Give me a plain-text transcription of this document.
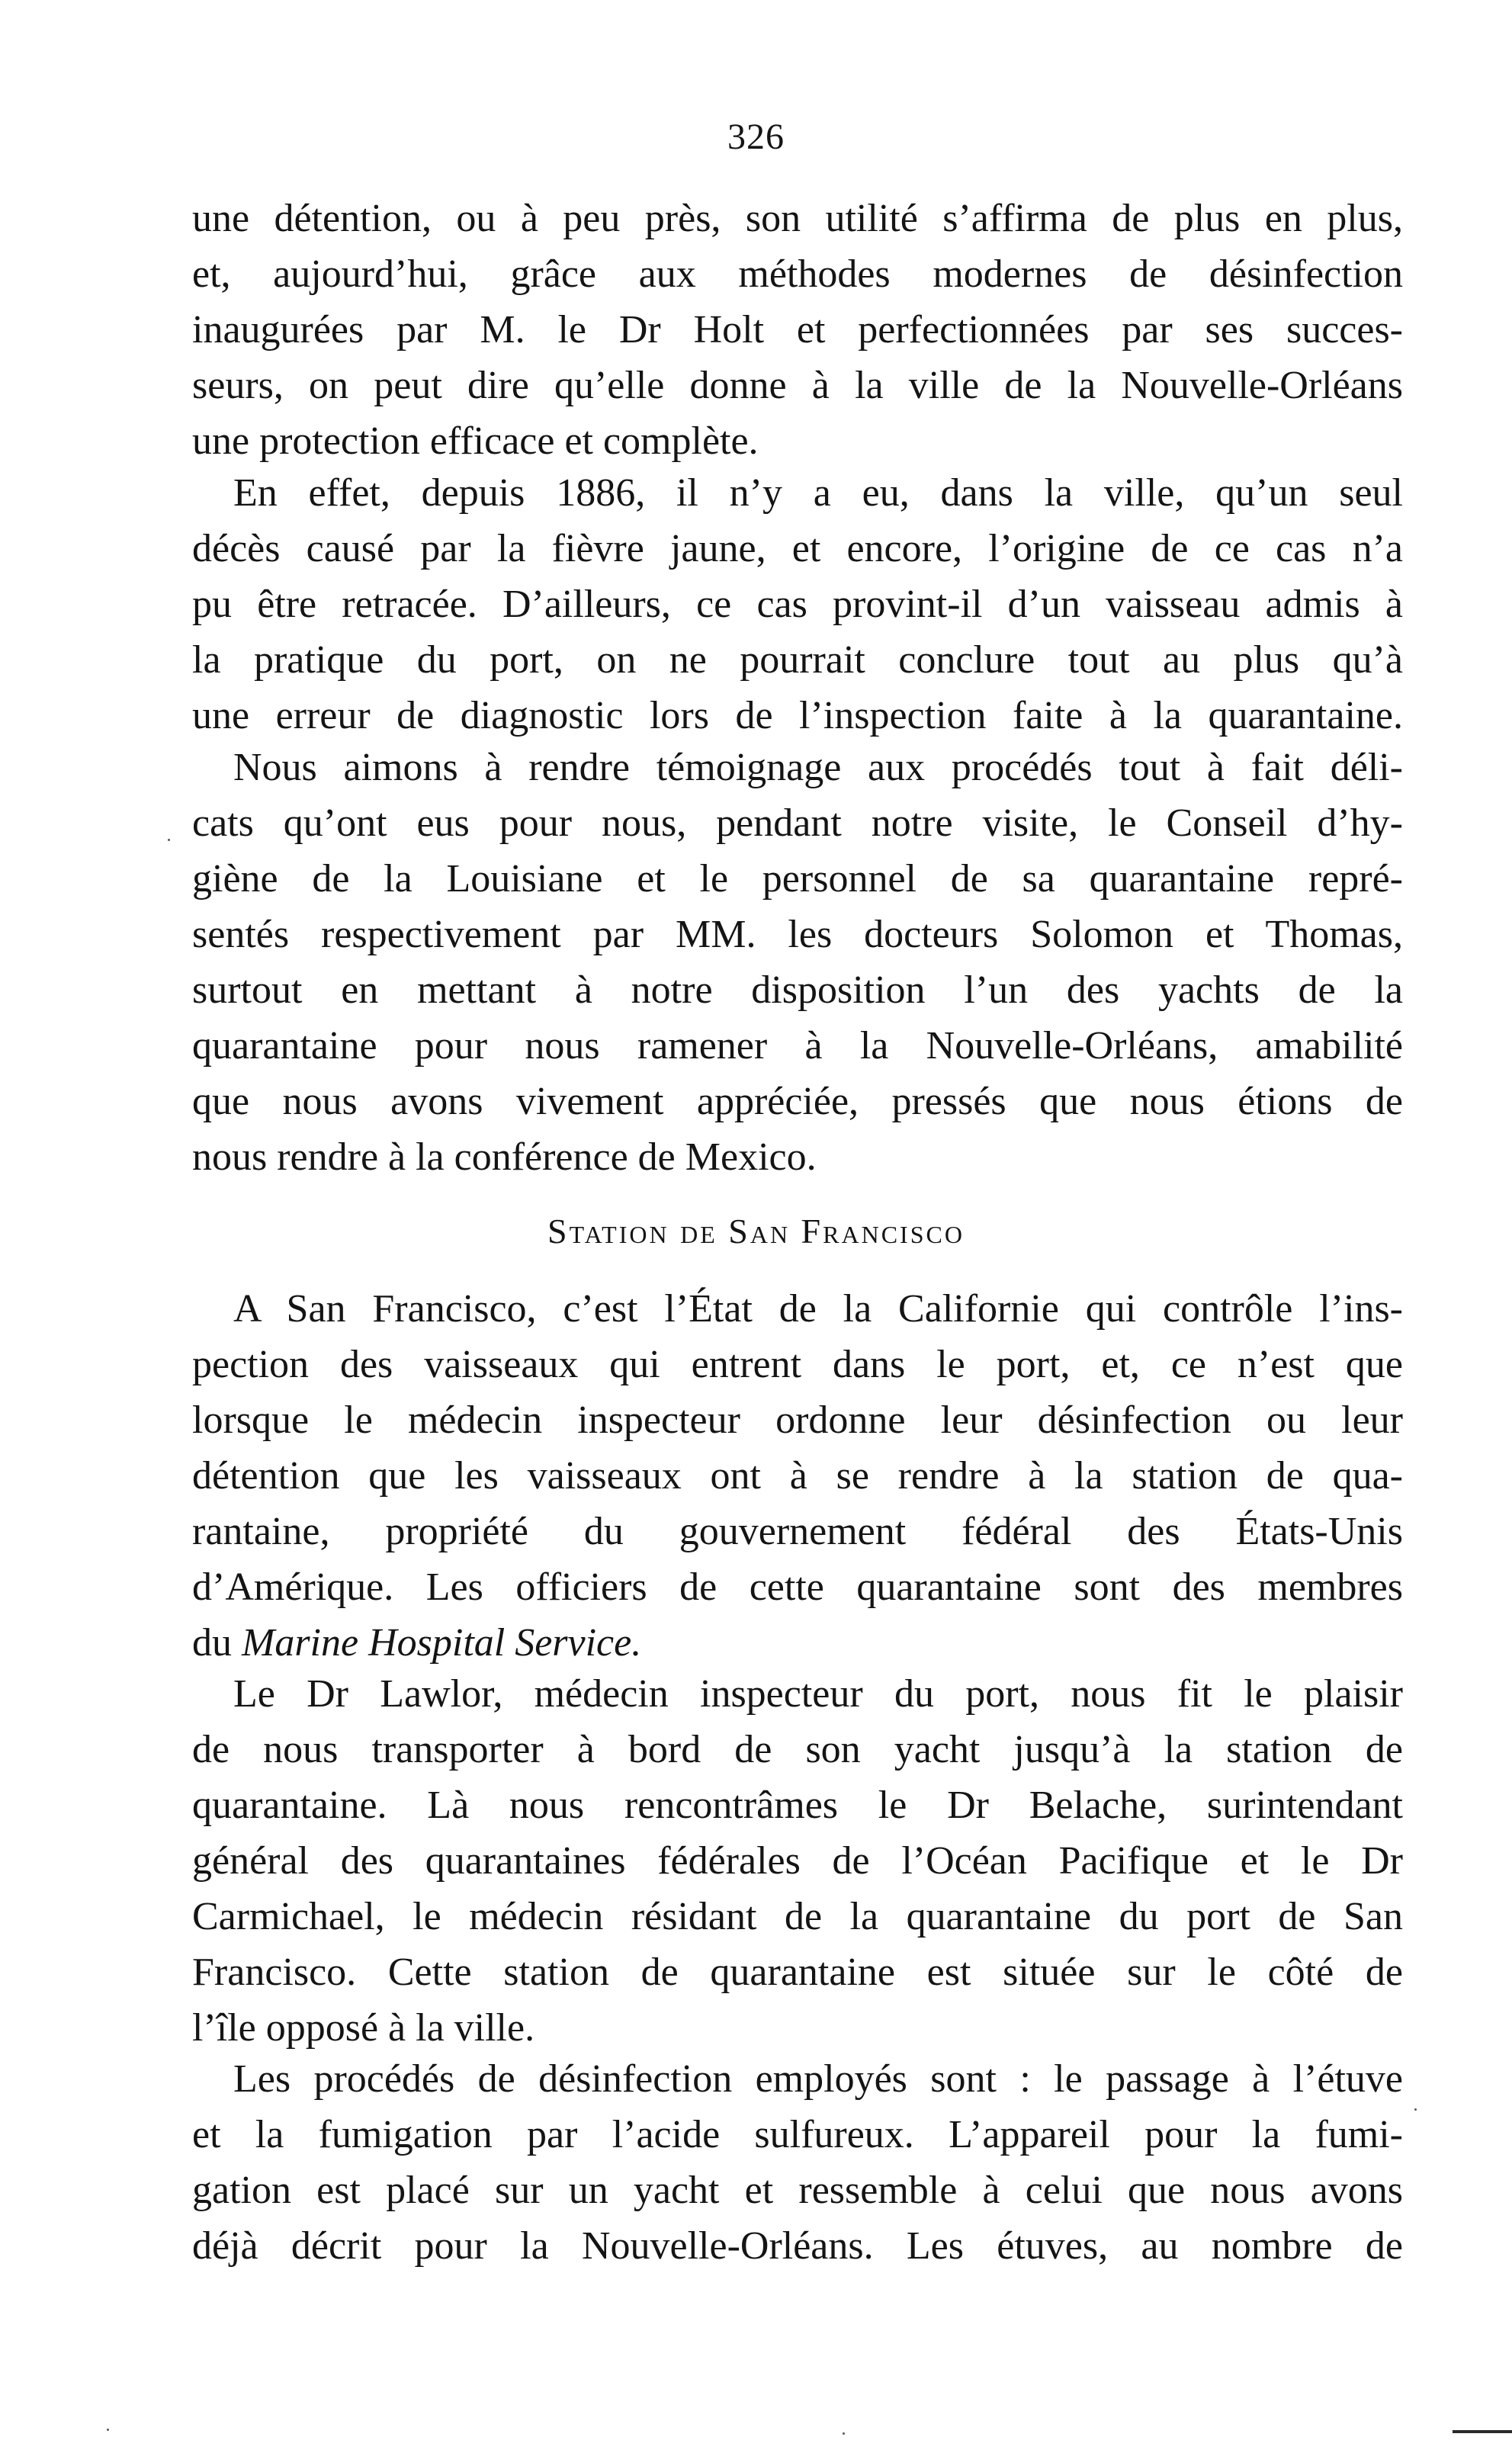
326
une détention, ou à peu près, son utilité s’affirma de plus en plus,
et, aujourd’hui, grâce aux méthodes modernes de désinfection
inaugurées par M. le Dr Holt et perfectionnées par ses succes-
seurs, on peut dire qu’elle donne à la ville de la Nouvelle-Orléans
une protection efficace et complète.
En effet, depuis 1886, il n’y a eu, dans la ville, qu’un seul
décès causé par la fièvre jaune, et encore, l’origine de ce cas n’a
pu être retracée. D’ailleurs, ce cas provint-il d’un vaisseau admis à
la pratique du port, on ne pourrait conclure tout au plus qu’à
une erreur de diagnostic lors de l’inspection faite à la quarantaine.
Nous aimons à rendre témoignage aux procédés tout à fait déli-
cats qu’ont eus pour nous, pendant notre visite, le Conseil d’hy-
giène de la Louisiane et le personnel de sa quarantaine repré-
sentés respectivement par MM. les docteurs Solomon et Thomas,
surtout en mettant à notre disposition l’un des yachts de la
quarantaine pour nous ramener à la Nouvelle-Orléans, amabilité
que nous avons vivement appréciée, pressés que nous étions de
nous rendre à la conférence de Mexico.
Station de San Francisco
A San Francisco, c’est l’État de la Californie qui contrôle l’ins-
pection des vaisseaux qui entrent dans le port, et, ce n’est que
lorsque le médecin inspecteur ordonne leur désinfection ou leur
détention que les vaisseaux ont à se rendre à la station de qua-
rantaine, propriété du gouvernement fédéral des États-Unis
d’Amérique. Les officiers de cette quarantaine sont des membres
du Marine Hospital Service.
Le Dr Lawlor, médecin inspecteur du port, nous fit le plaisir
de nous transporter à bord de son yacht jusqu’à la station de
quarantaine. Là nous rencontrâmes le Dr Belache, surintendant
général des quarantaines fédérales de l’Océan Pacifique et le Dr
Carmichael, le médecin résidant de la quarantaine du port de San
Francisco. Cette station de quarantaine est située sur le côté de
l’île opposé à la ville.
Les procédés de désinfection employés sont : le passage à l’étuve
et la fumigation par l’acide sulfureux. L’appareil pour la fumi-
gation est placé sur un yacht et ressemble à celui que nous avons
déjà décrit pour la Nouvelle-Orléans. Les étuves, au nombre de
